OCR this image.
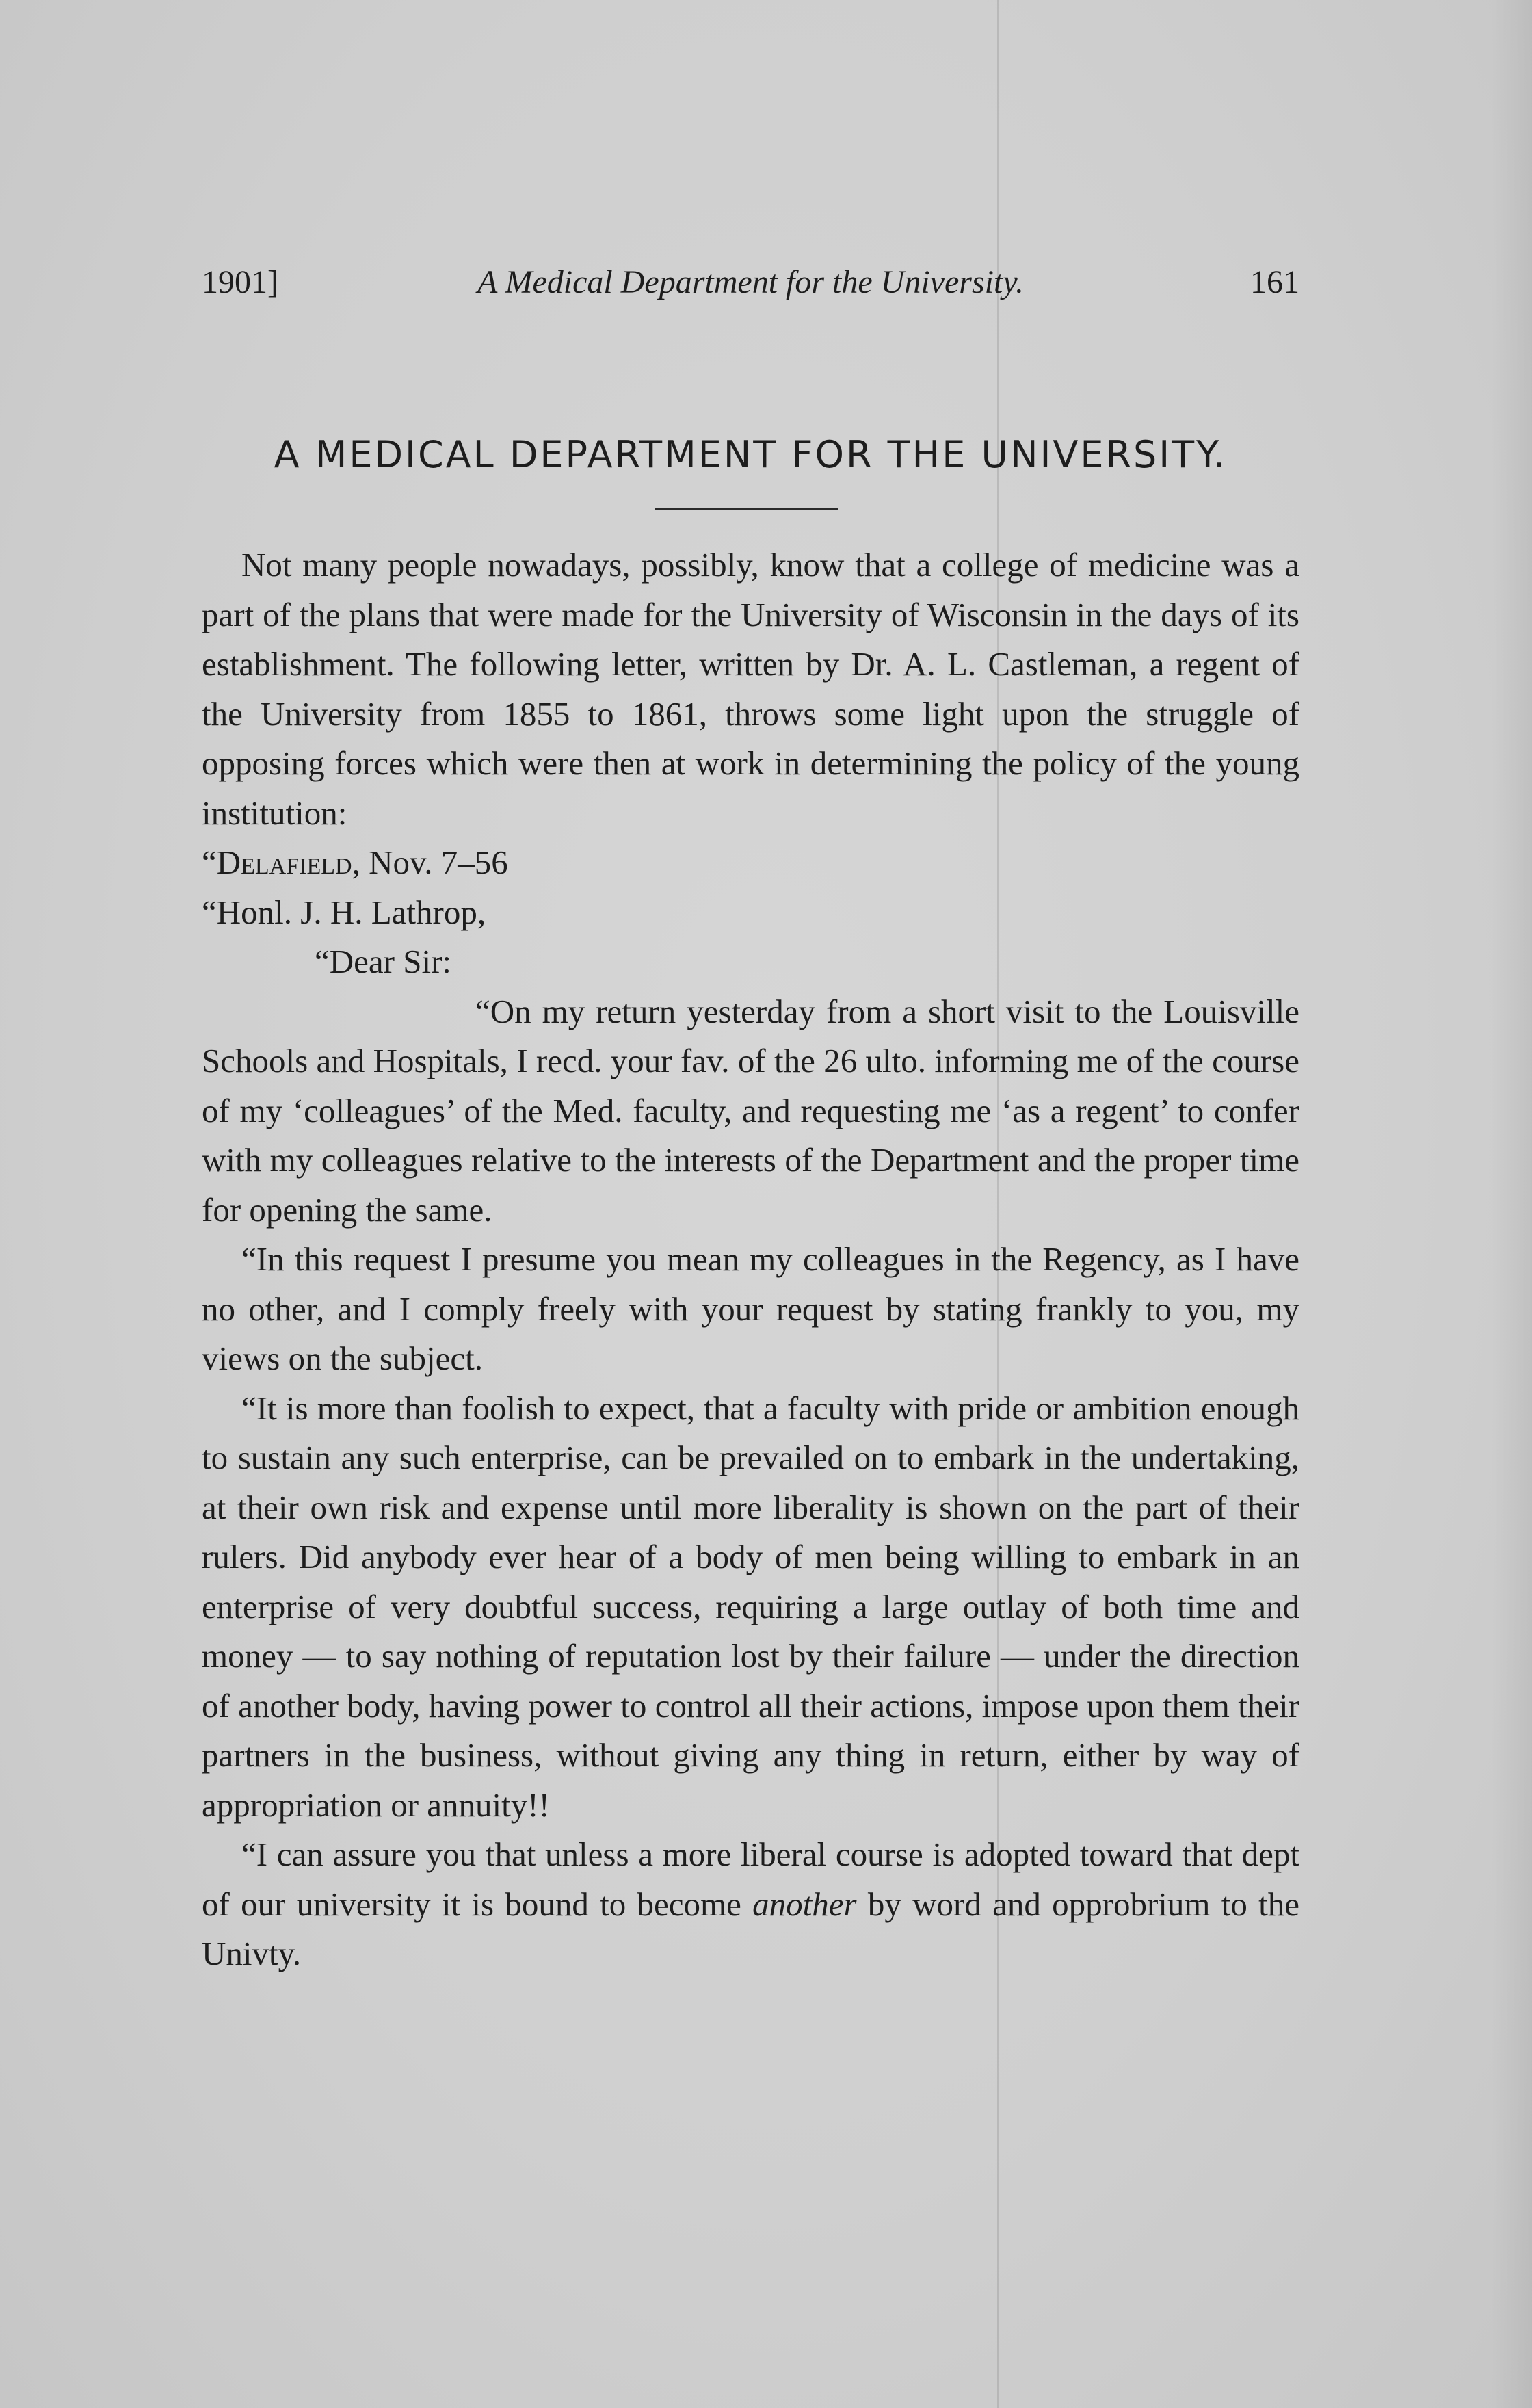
1901]	A Medical Department for the University.	161
A MEDICAL DEPARTMENT FOR THE UNIVERSITY.

Not many people nowadays, possibly, know that a college of medicine was a part of the plans that were made for the University of Wisconsin in the days of its establishment. The following letter, written by Dr. A. L. Castleman, a regent of the University from 1855 to 1861, throws some light upon the struggle of opposing forces which were then at work in determining the policy of the young institution:

“Delafield, Nov. 7–56

“Honl. J. H. Lathrop,

“Dear Sir:

“On my return yesterday from a short visit to the Louisville Schools and Hospitals, I recd. your fav. of the 26 ulto. informing me of the course of my ‘colleagues’ of the Med. faculty, and requesting me ‘as a regent’ to confer with my colleagues relative to the interests of the Department and the proper time for opening the same.

“In this request I presume you mean my colleagues in the Regency, as I have no other, and I comply freely with your request by stating frankly to you, my views on the subject.

“It is more than foolish to expect, that a faculty with pride or ambition enough to sustain any such enterprise, can be prevailed on to embark in the undertaking, at their own risk and expense until more liberality is shown on the part of their rulers. Did anybody ever hear of a body of men being willing to embark in an enterprise of very doubtful success, requiring a large outlay of both time and money — to say nothing of reputation lost by their failure — under the direction of another body, having power to control all their actions, impose upon them their partners in the business, without giving any thing in return, either by way of appropriation or annuity!!

“I can assure you that unless a more liberal course is adopted toward that dept of our university it is bound to become another by word and opprobrium to the Univty.
